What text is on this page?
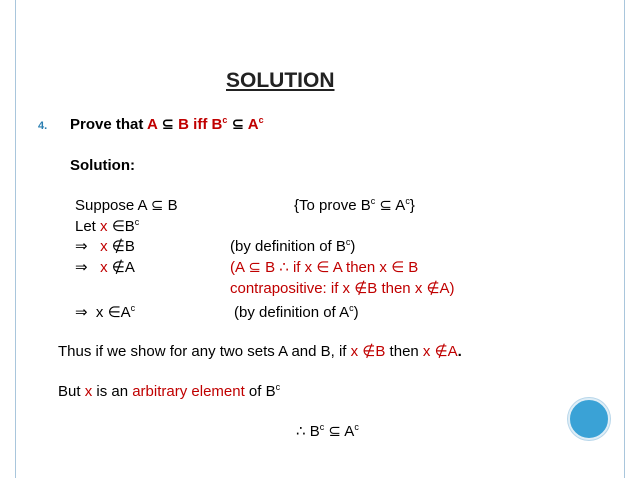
SOLUTION
4. Prove that A ⊆ B iff $B^c$ ⊆ $A^c$
Solution:
Suppose A ⊆ B	{To prove $B^c$ ⊆ $A^c$}
Let x $\in B^c$
⇒ x ∉B	(by definition of $B^c$)
⇒ x ∉A	(A ⊆ B ∴ if x ∈ A then x ∈ B
contrapositive: if x ∉B then x ∉A)
⇒ x $\in A^c$	(by definition of $A^c$)
Thus if we show for any two sets A and B, if x ∉B then x ∉A.
But x is an arbitrary element of $B^c$
∴ $B^c$ ⊆ $A^c$
